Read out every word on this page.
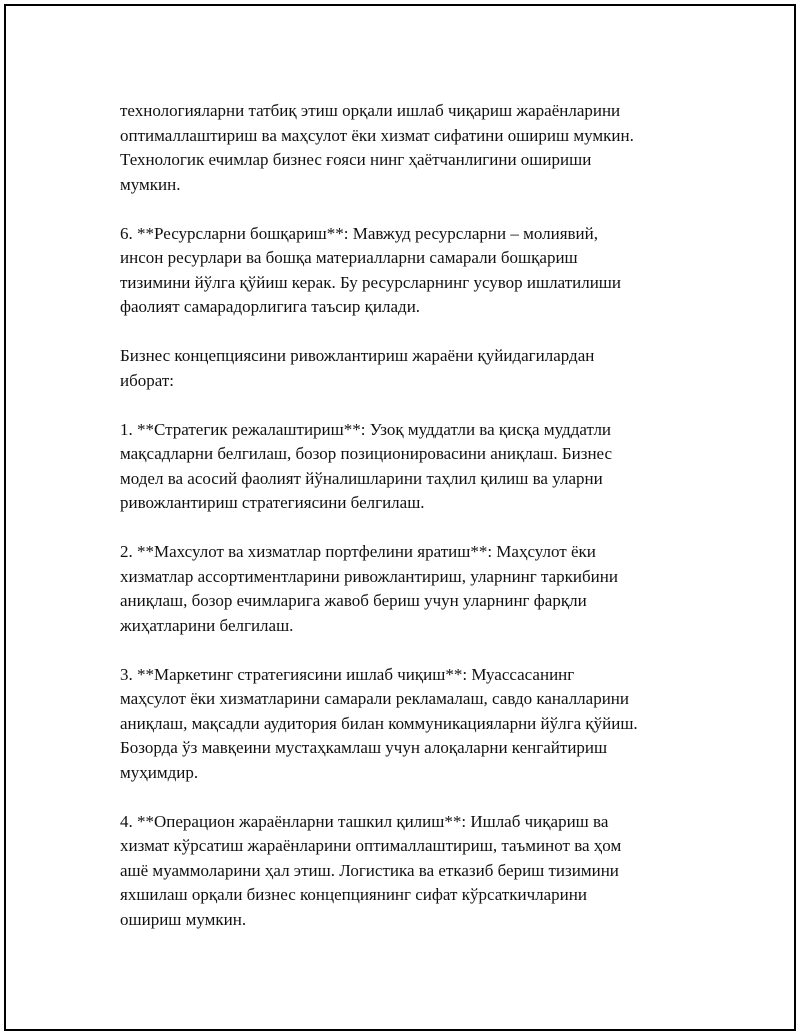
технологияларни татбиқ этиш орқали ишлаб чиқариш жараёнларини
оптималлаштириш ва маҳсулот ёки хизмат сифатини ошириш мумкин.
Технологик ечимлар бизнес ғояси нинг ҳаётчанлигини ошириши
мумкин.

6. **Ресурсларни бошқариш**: Мавжуд ресурсларни – молиявий,
инсон ресурлари ва бошқа материалларни самарали бошқариш
тизимини йўлга қўйиш керак. Бу ресурсларнинг усувор ишлатилиши
фаолият самарадорлигига таъсир қилади.

Бизнес концепциясини ривожлантириш жараёни қуйидагилардан
иборат:

1. **Стратегик режалаштириш**: Узоқ муддатли ва қисқа муддатли
мақсадларни белгилаш, бозор позиционировасини аниқлаш. Бизнес
модел ва асосий фаолият йўналишларини таҳлил қилиш ва уларни
ривожлантириш стратегиясини белгилаш.

2. **Махсулот ва хизматлар портфелини яратиш**: Маҳсулот ёки
хизматлар ассортиментларини ривожлантириш, уларнинг таркибини
аниқлаш, бозор ечимларига жавоб бериш учун уларнинг фарқли
жиҳатларини белгилаш.

3. **Маркетинг стратегиясини ишлаб чиқиш**: Муассасанинг
маҳсулот ёки хизматларини самарали рекламалаш, савдо каналларини
аниқлаш, мақсадли аудитория билан коммуникацияларни йўлга қўйиш.
Бозорда ўз мавқеини мустаҳкамлаш учун алоқаларни кенгайтириш
муҳимдир.

4. **Операцион жараёнларни ташкил қилиш**: Ишлаб чиқариш ва
хизмат кўрсатиш жараёнларини оптималлаштириш, таъминот ва ҳом
ашё муаммоларини ҳал этиш. Логистика ва етказиб бериш тизимини
яхшилаш орқали бизнес концепциянинг сифат кўрсаткичларини
ошириш мумкин.
